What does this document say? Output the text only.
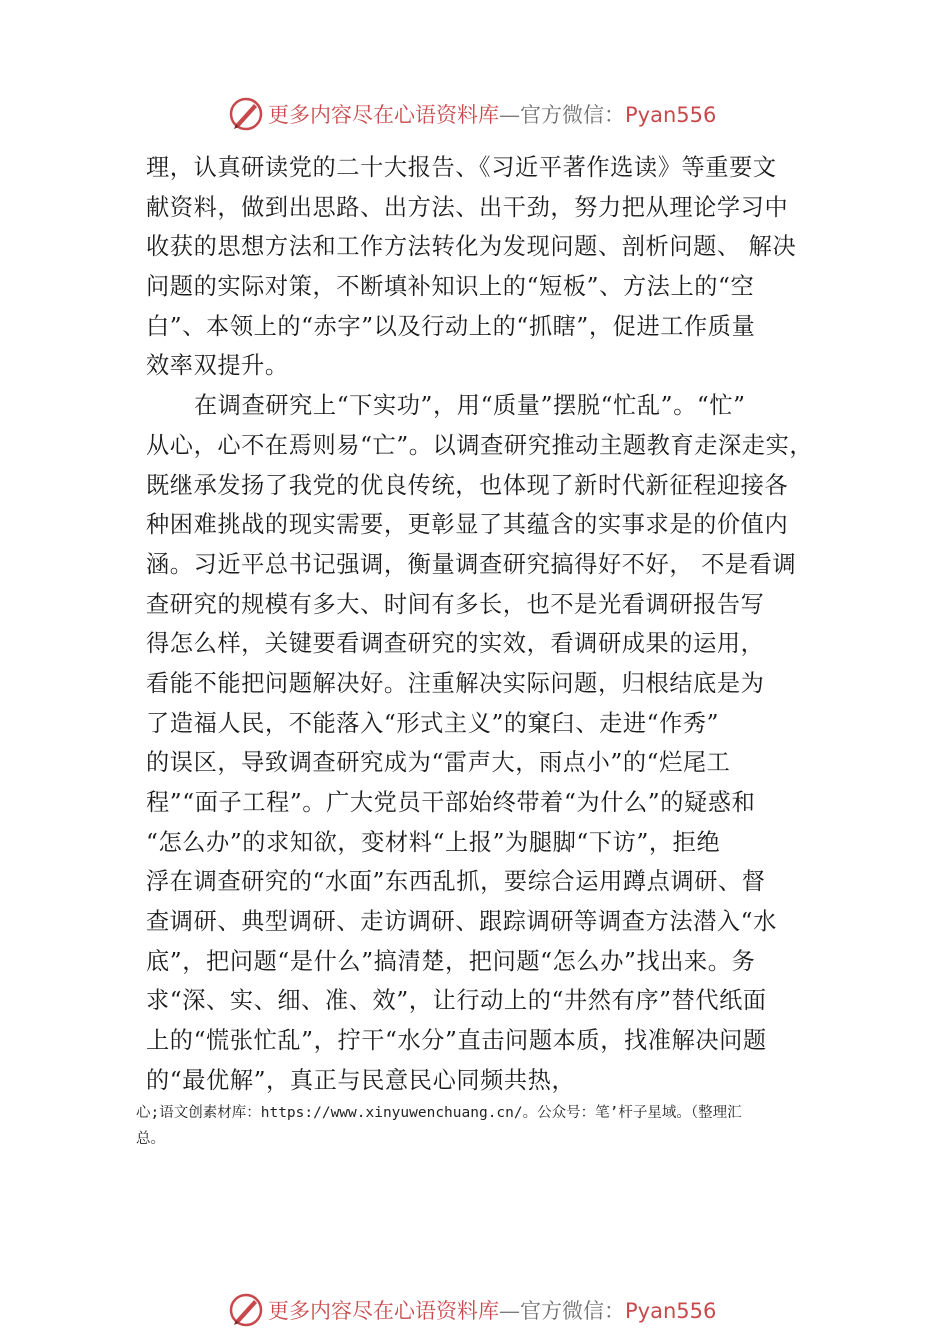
更多内容尽在心语资料库—官方微信：Pyan556
理，认真研读党的二十大报告、《习近平著作选读》等重要文
献资料，做到出思路、出方法、出干劲，努力把从理论学习中
收获的思想方法和工作方法转化为发现问题、剖析问题、 解决
问题的实际对策，不断填补知识上的“短板”、方法上的“空
白”、本领上的“赤字”以及行动上的“抓瞎”，促进工作质量
效率双提升。
在调查研究上“下实功”，用“质量”摆脱“忙乱”。“忙”
从心，心不在焉则易“亡”。以调查研究推动主题教育走深走实，
既继承发扬了我党的优良传统，也体现了新时代新征程迎接各
种困难挑战的现实需要，更彰显了其蕴含的实事求是的价值内
涵。习近平总书记强调，衡量调查研究搞得好不好， 不是看调
查研究的规模有多大、时间有多长，也不是光看调研报告写
得怎么样，关键要看调查研究的实效，看调研成果的运用，
看能不能把问题解决好。注重解决实际问题，归根结底是为
了造福人民，不能落入“形式主义”的窠臼、走进“作秀”
的误区，导致调查研究成为“雷声大，雨点小”的“烂尾工
程”“面子工程”。广大党员干部始终带着“为什么”的疑惑和
“怎么办”的求知欲，变材料“上报”为腿脚“下访”，拒绝
浮在调查研究的“水面”东西乱抓，要综合运用蹲点调研、督
查调研、典型调研、走访调研、跟踪调研等调查方法潜入“水
底”，把问题“是什么”搞清楚，把问题“怎么办”找出来。务
求“深、实、细、准、效”，让行动上的“井然有序”替代纸面
上的“慌张忙乱”，拧干“水分”直击问题本质，找准解决问题
的“最优解”，真正与民意民心同频共热，
心;语文创素材库：https://www.xinyuwenchuang.cn/。公众号：笔’杆子星域。（整理汇
总。
更多内容尽在心语资料库—官方微信：Pyan556
